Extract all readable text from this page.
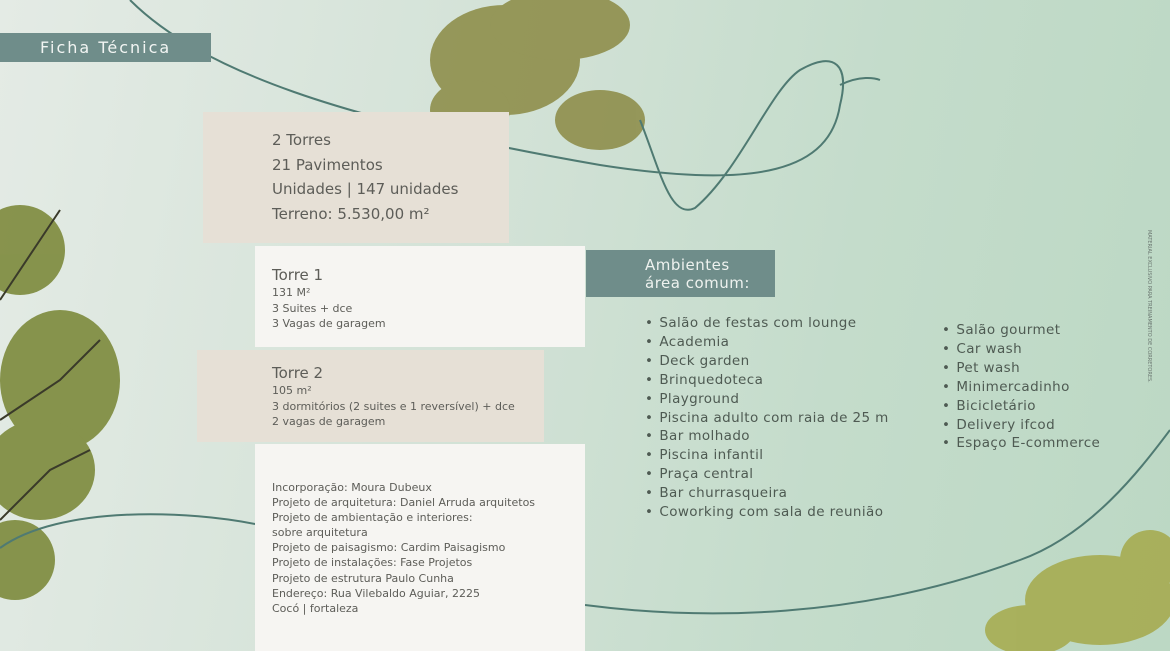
Ficha Técnica
2 Torres
21 Pavimentos
Unidades | 147 unidades
Terreno: 5.530,00 m²
Torre 1
131 M²
3 Suites + dce
3 Vagas de garagem
Torre 2
105 m²
3 dormitórios (2 suites e 1 reversível) + dce
2 vagas de garagem
Incorporação: Moura Dubeux
Projeto de arquitetura: Daniel Arruda arquitetos
Projeto de ambientação e interiores:
sobre arquitetura
Projeto de paisagismo: Cardim Paisagismo
Projeto de instalações: Fase Projetos
Projeto de estrutura Paulo Cunha
Endereço: Rua Vilebaldo Aguiar, 2225
Cocó | fortaleza
Ambientes
área comum:
• Salão de festas com lounge
• Academia
• Deck garden
• Brinquedoteca
• Playground
• Piscina adulto com raia de 25 m
• Bar molhado
• Piscina infantil
• Praça central
• Bar churrasqueira
• Coworking com sala de reunião
• Salão gourmet
• Car wash
• Pet wash
• Minimercadinho
• Bicicletário
• Delivery ifcod
• Espaço E-commerce
MATERIAL EXCLUSIVO PARA TREINAMENTO DE CORRETORES.
